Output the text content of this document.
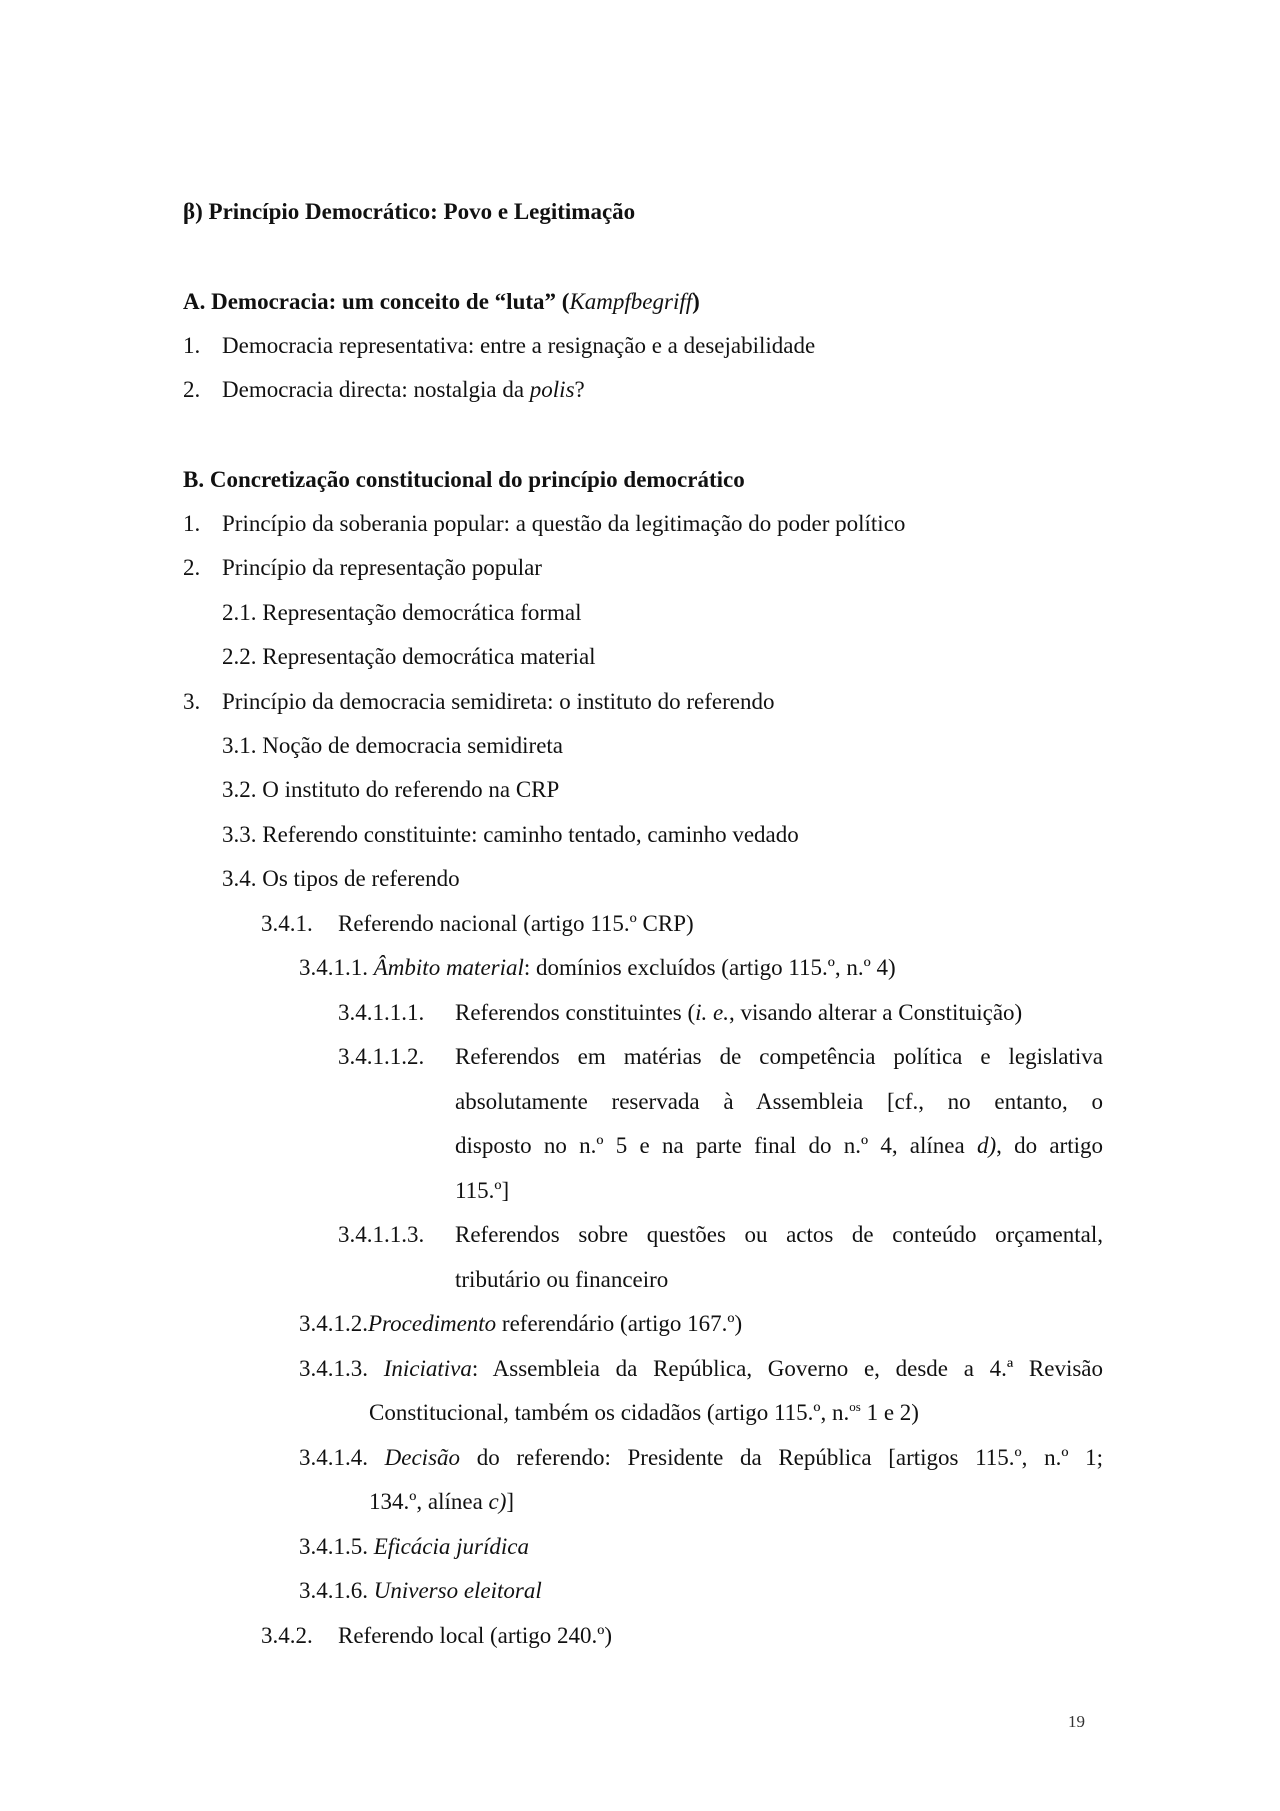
β) Princípio Democrático: Povo e Legitimação

A. Democracia: um conceito de “luta” (Kampfbegriff)

1. Democracia representativa: entre a resignação e a desejabilidade

2. Democracia directa: nostalgia da polis?

B. Concretização constitucional do princípio democrático

1. Princípio da soberania popular: a questão da legitimação do poder político

2. Princípio da representação popular

2.1. Representação democrática formal

2.2. Representação democrática material

3. Princípio da democracia semidireta: o instituto do referendo

3.1. Noção de democracia semidireta

3.2. O instituto do referendo na CRP

3.3. Referendo constituinte: caminho tentado, caminho vedado

3.4. Os tipos de referendo

3.4.1. Referendo nacional (artigo 115.º CRP)

3.4.1.1. Âmbito material: domínios excluídos (artigo 115.º, n.º 4)

3.4.1.1.1. Referendos constituintes (i. e., visando alterar a Constituição)

3.4.1.1.2. Referendos em matérias de competência política e legislativa

absolutamente reservada à Assembleia [cf., no entanto, o

disposto no n.º 5 e na parte final do n.º 4, alínea d), do artigo

115.º]

3.4.1.1.3. Referendos sobre questões ou actos de conteúdo orçamental,

tributário ou financeiro

3.4.1.2.Procedimento referendário (artigo 167.º)

3.4.1.3. Iniciativa: Assembleia da República, Governo e, desde a 4.ª Revisão

Constitucional, também os cidadãos (artigo 115.º, n.$^{os}$ 1 e 2)

3.4.1.4. Decisão do referendo: Presidente da República [artigos 115.º, n.º 1;

134.º, alínea c)]

3.4.1.5. Eficácia jurídica

3.4.1.6. Universo eleitoral

3.4.2. Referendo local (artigo 240.º)

19
